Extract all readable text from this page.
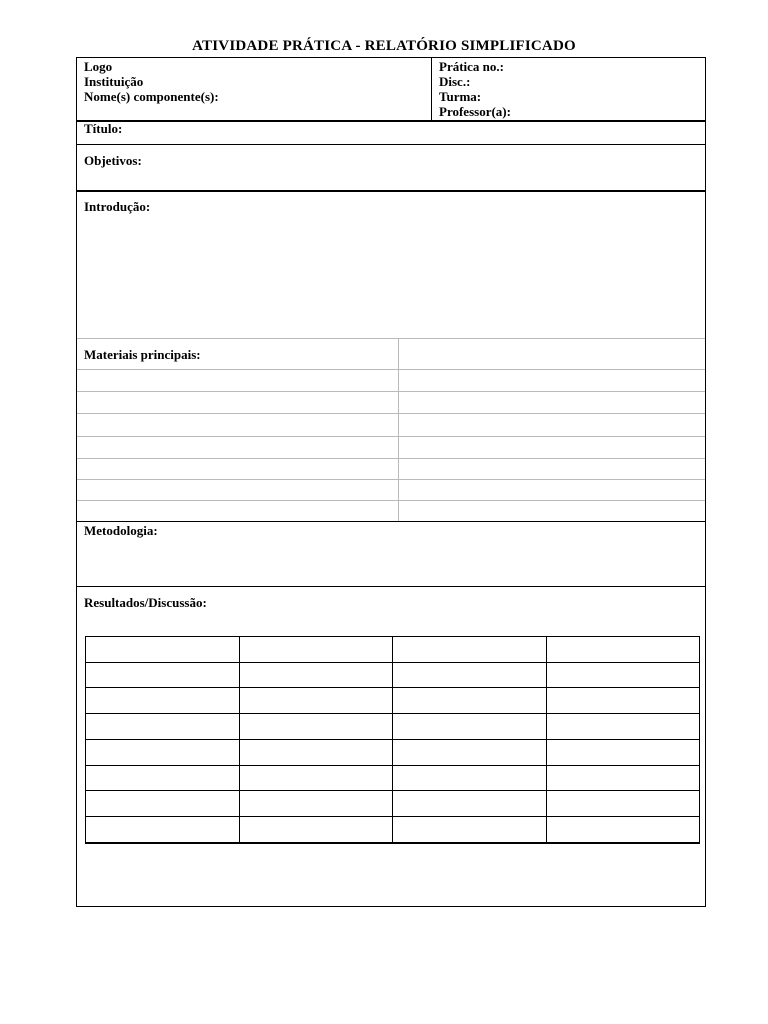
ATIVIDADE PRÁTICA - RELATÓRIO SIMPLIFICADO
Logo
Instituição
Nome(s) componente(s):
Prática no.:
Disc.:
Turma:
Professor(a):
Título:
Objetivos:
Introdução:
Materiais principais:
Metodologia:
Resultados/Discussão:
